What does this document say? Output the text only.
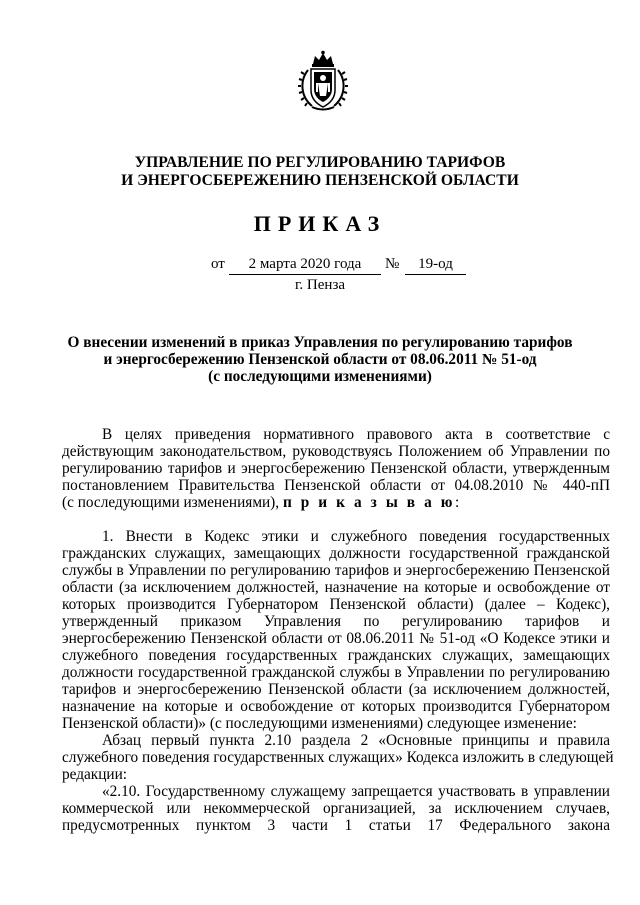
УПРАВЛЕНИЕ ПО РЕГУЛИРОВАНИЮ ТАРИФОВ
И ЭНЕРГОСБЕРЕЖЕНИЮ ПЕНЗЕНСКОЙ ОБЛАСТИ
ПРИКАЗ
от	2 марта 2020 года	№	19-од
г. Пенза
О внесении изменений в приказ Управления по регулированию тарифов
и энергосбережению Пензенской области от 08.06.2011 № 51-од
(с последующими изменениями)
В целях приведения нормативного правового акта в соответствие с
действующим законодательством, руководствуясь Положением об Управлении по
регулированию тарифов и энергосбережению Пензенской области, утвержденным
постановлением Правительства Пензенской области от 04.08.2010 № 440-пП
(с последующими изменениями), п р и к а з ы в а ю:
1. Внести в Кодекс этики и служебного поведения государственных
гражданских служащих, замещающих должности государственной гражданской
службы в Управлении по регулированию тарифов и энергосбережению Пензенской
области (за исключением должностей, назначение на которые и освобождение от
которых производится Губернатором Пензенской области) (далее – Кодекс),
утвержденный приказом Управления по регулированию тарифов и
энергосбережению Пензенской области от 08.06.2011 № 51-од «О Кодексе этики и
служебного поведения государственных гражданских служащих, замещающих
должности государственной гражданской службы в Управлении по регулированию
тарифов и энергосбережению Пензенской области (за исключением должностей,
назначение на которые и освобождение от которых производится Губернатором
Пензенской области)» (с последующими изменениями) следующее изменение:
Абзац первый пункта 2.10 раздела 2 «Основные принципы и правила
служебного поведения государственных служащих» Кодекса изложить в следующей
редакции:
«2.10. Государственному служащему запрещается участвовать в управлении
коммерческой или некоммерческой организацией, за исключением случаев,
предусмотренных пунктом 3 части 1 статьи 17 Федерального закона
